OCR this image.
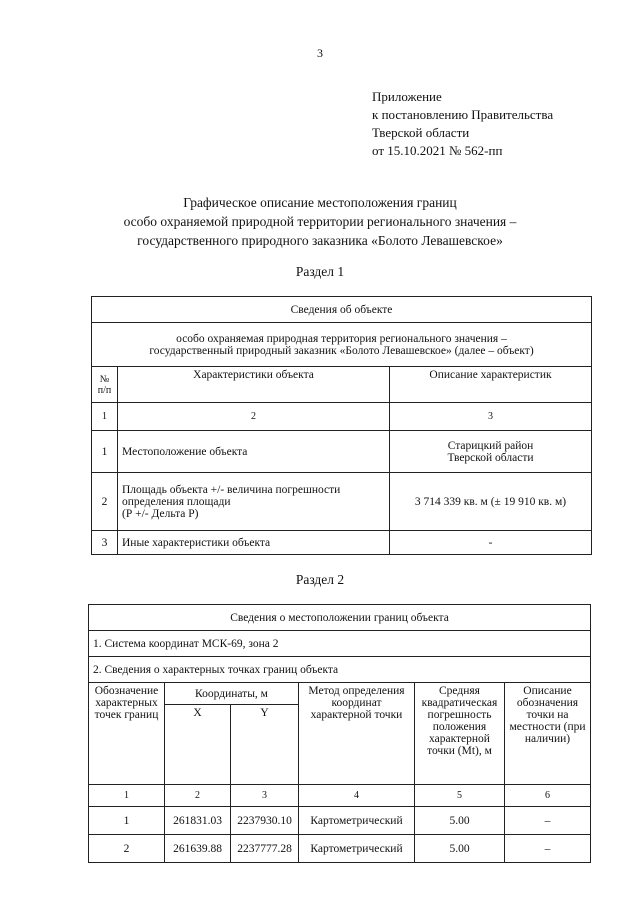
3
Приложение
к постановлению Правительства
Тверской области
от 15.10.2021 № 562-пп
Графическое описание местоположения границ
особо охраняемой природной территории регионального значения –
государственного природного заказника «Болото Левашевское»
Раздел 1
Сведения об объекте		

особо охраняемая природная территория регионального значения –
государственный природный заказник «Болото Левашевское» (далее – объект)		

№ п/п	Характеристики объекта	Описание характеристик
1	2	3
1	Местоположение объекта	Старицкий район
Тверской области

2	Площадь объекта +/- величина погрешности
определения площади
(Р +/- Дельта Р)	3 714 339 кв. м (± 19 910 кв. м)
3	Иные характеристики объекта	-
Раздел 2
Сведения о местоположении границ объекта					
1. Система координат МСК-69, зона 2					
2. Сведения о характерных точках границ объекта					
Обозначение характерных точек границ	Координаты, м		Метод определения координат характерной точки	Средняя квадратическая погрешность положения характерной точки (Mt), м	Описание обозначения точки на местности (при наличии)
	X	Y			
1	2	3	4	5	6
1	261831.03	2237930.10	Картометрический	5.00	–
2	261639.88	2237777.28	Картометрический	5.00	–
